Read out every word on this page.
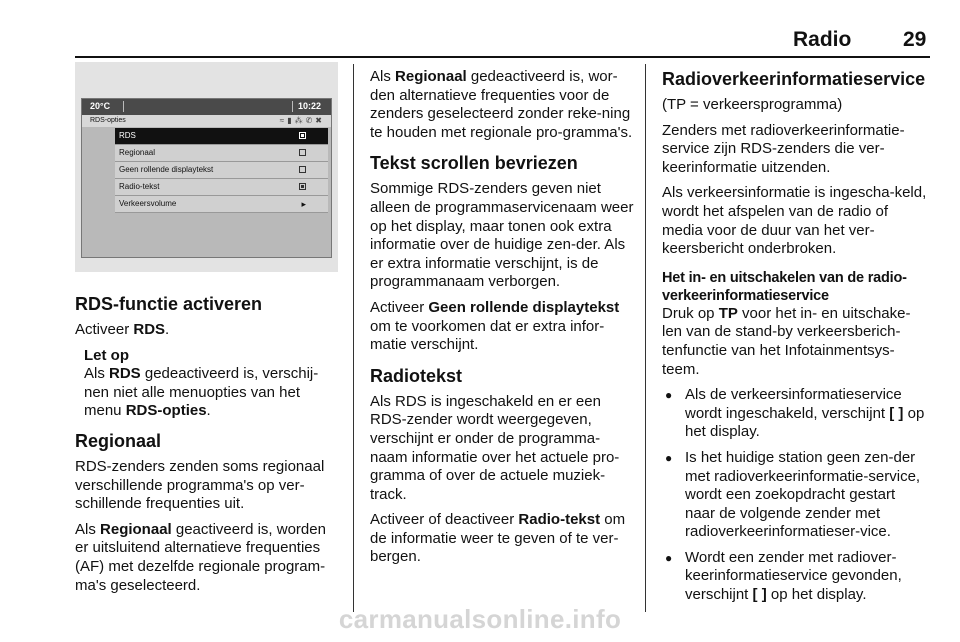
Radio 29
20°C	10:22
RDS-opties	≈▮⁂✆✖
RDS
Regionaal
Geen rollende displaytekst
Radio-tekst
Verkeersvolume	▸
RDS-functie activeren

Activeer RDS.

Let op
Als RDS gedeactiveerd is, verschij-nen niet alle menuopties van het menu RDS-opties.
Regionaal

RDS-zenders zenden soms regionaal verschillende programma's op ver-schillende frequenties uit.

Als Regionaal geactiveerd is, worden er uitsluitend alternatieve frequenties (AF) met dezelfde regionale program-ma's geselecteerd.

Als Regionaal gedeactiveerd is, wor-den alternatieve frequenties voor de zenders geselecteerd zonder reke-ning te houden met regionale pro-gramma's.

Tekst scrollen bevriezen

Sommige RDS-zenders geven niet alleen de programmaservicenaam weer op het display, maar tonen ook extra informatie over de huidige zen-der. Als er extra informatie verschijnt, is de programmanaam verborgen.

Activeer Geen rollende displaytekst om te voorkomen dat er extra infor-matie verschijnt.

Radiotekst

Als RDS is ingeschakeld en er een RDS-zender wordt weergegeven, verschijnt er onder de programma-naam informatie over het actuele pro-gramma of over de actuele muziek-track.

Activeer of deactiveer Radio-tekst om de informatie weer te geven of te ver-bergen.

Radioverkeerinformatieservice

(TP = verkeersprogramma)

Zenders met radioverkeerinformatie-service zijn RDS-zenders die ver-keerinformatie uitzenden.

Als verkeersinformatie is ingescha-keld, wordt het afspelen van de radio of media voor de duur van het ver-keersbericht onderbroken.

Het in- en uitschakelen van de radio-verkeerinformatieservice

Druk op TP voor het in- en uitschake-len van de stand-by verkeersberich-tenfunctie van het Infotainmentsys-teem.

● Als de verkeersinformatieservice wordt ingeschakeld, verschijnt [ ] op het display.
● Is het huidige station geen zen-der met radioverkeerinformatie-service, wordt een zoekopdracht gestart naar de volgende zender met radioverkeerinformatieser-vice.
● Wordt een zender met radiover-keerinformatieservice gevonden, verschijnt [ ] op het display.
carmanualsonline.info
